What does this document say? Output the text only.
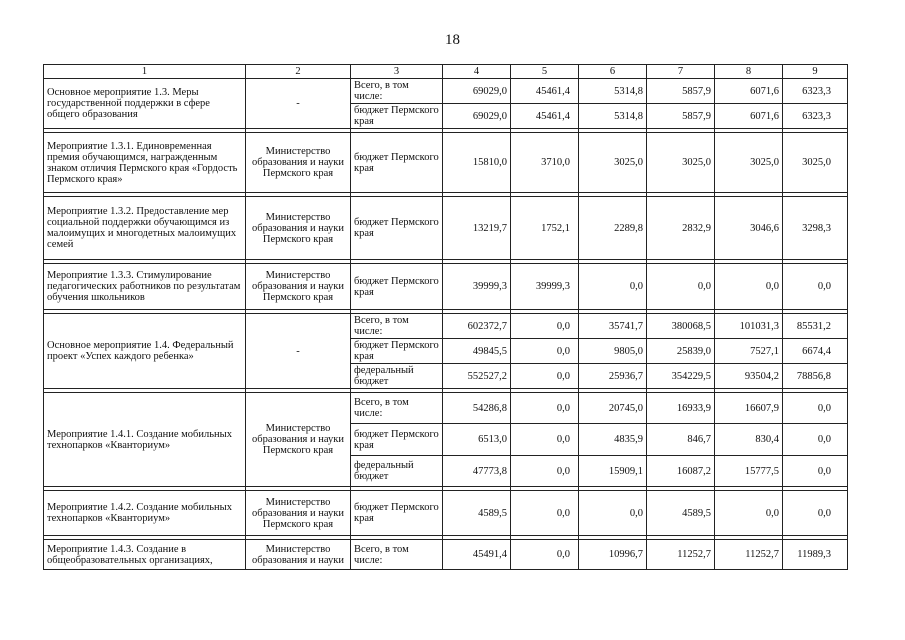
18
1	2	3	4	5	6	7	8	9
Основное мероприятие 1.3. Меры государственной поддержки в сфере общего образования	-	Всего, в том числе:	69029,0	45461,4	5314,8	5857,9	6071,6	6323,3
		бюджет Пермского края	69029,0	45461,4	5314,8	5857,9	6071,6	6323,3

Мероприятие 1.3.1. Единовременная премия обучающимся, награжденным знаком отличия Пермского края «Гордость Пермского края»	Министерство образования и науки Пермского края	бюджет Пермского края	15810,0	3710,0	3025,0	3025,0	3025,0	3025,0

Мероприятие 1.3.2. Предоставление мер социальной поддержки обучающимся из малоимущих и многодетных малоимущих семей	Министерство образования и науки Пермского края	бюджет Пермского края	13219,7	1752,1	2289,8	2832,9	3046,6	3298,3

Мероприятие 1.3.3. Стимулирование педагогических работников по результатам обучения школьников	Министерство образования и науки Пермского края	бюджет Пермского края	39999,3	39999,3	0,0	0,0	0,0	0,0

Основное мероприятие 1.4. Федеральный проект «Успех каждого ребенка»	-	Всего, в том числе:	602372,7	0,0	35741,7	380068,5	101031,3	85531,2
		бюджет Пермского края	49845,5	0,0	9805,0	25839,0	7527,1	6674,4
		федеральный бюджет	552527,2	0,0	25936,7	354229,5	93504,2	78856,8

Мероприятие 1.4.1. Создание мобильных технопарков «Кванториум»	Министерство образования и науки Пермского края	Всего, в том числе:	54286,8	0,0	20745,0	16933,9	16607,9	0,0
		бюджет Пермского края	6513,0	0,0	4835,9	846,7	830,4	0,0
		федеральный бюджет	47773,8	0,0	15909,1	16087,2	15777,5	0,0

Мероприятие 1.4.2. Создание мобильных технопарков «Кванториум»	Министерство образования и науки Пермского края	бюджет Пермского края	4589,5	0,0	0,0	4589,5	0,0	0,0

Мероприятие 1.4.3. Создание в общеобразовательных организациях,	Министерство образования и науки	Всего, в том числе:	45491,4	0,0	10996,7	11252,7	11252,7	11989,3
